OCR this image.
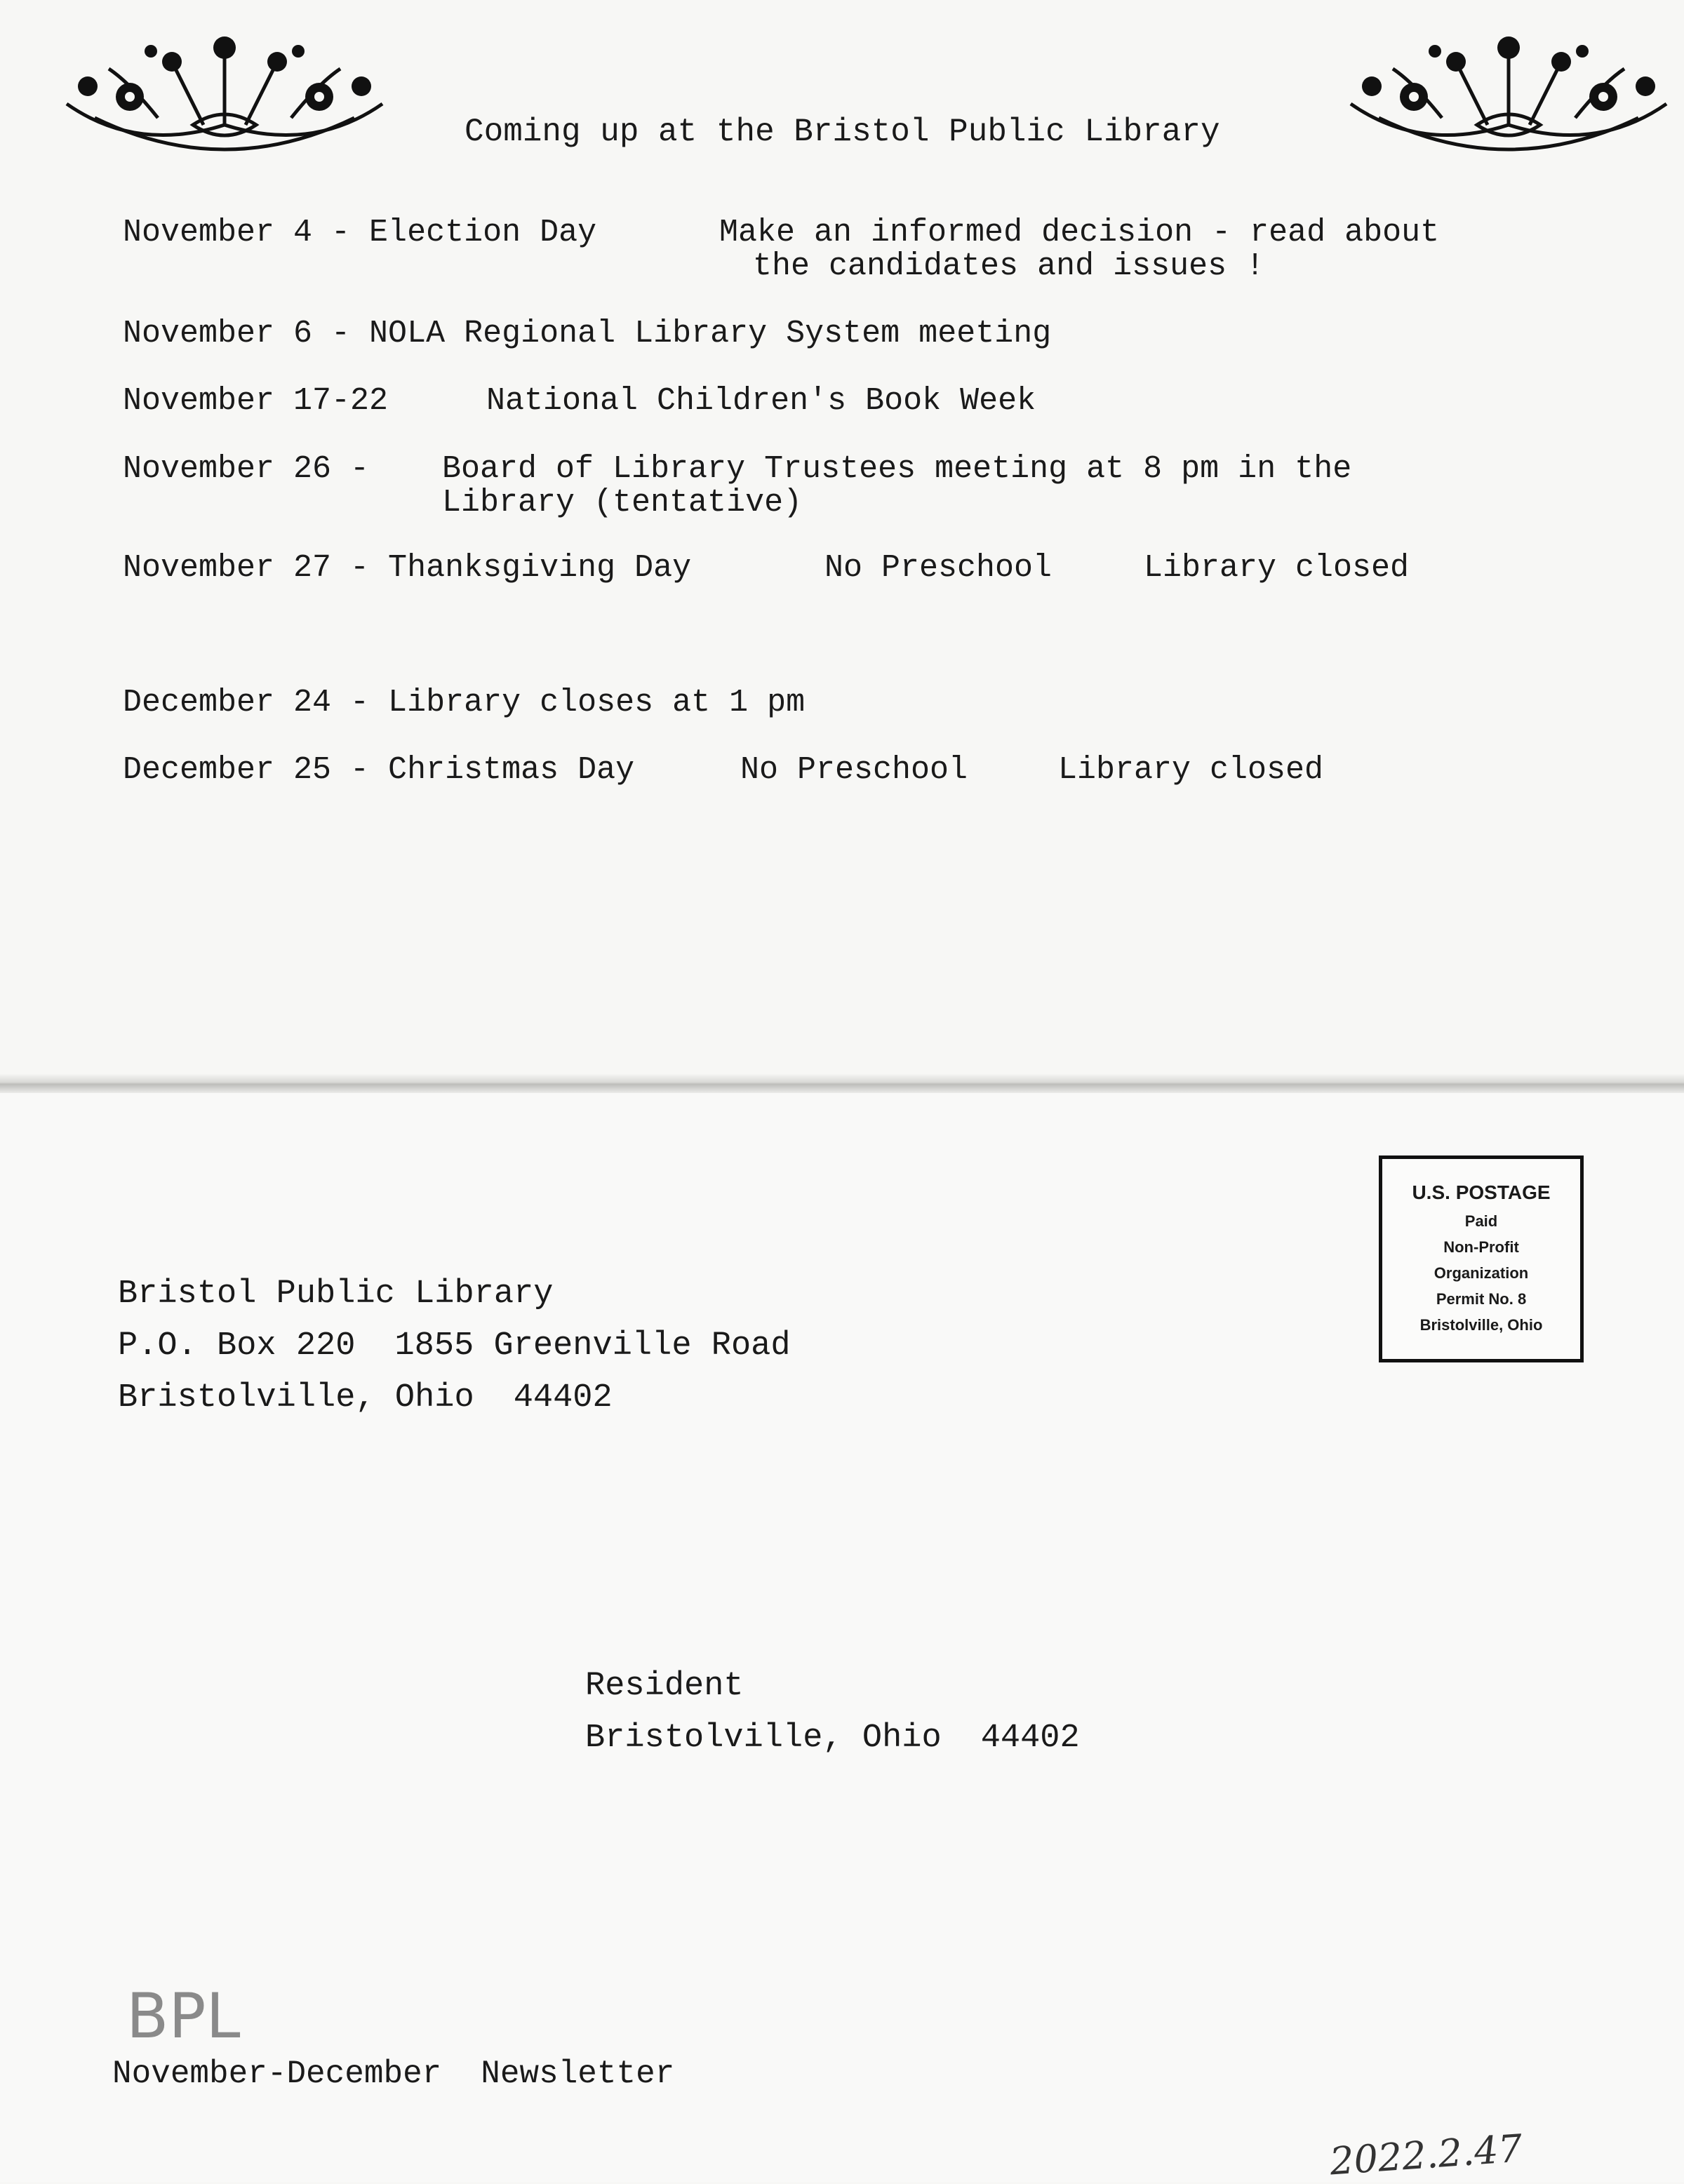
Coming up at the Bristol Public Library
November 4 - Election Day	Make an informed decision - read about
the candidates and issues !
November 6 - NOLA Regional Library System meeting
November 17-22	National Children's Book Week
November 26 - Board of Library Trustees meeting at 8 pm in the
Library (tentative)
November 27 - Thanksgiving Day	No Preschool	Library closed
December 24 - Library closes at 1 pm
December 25 - Christmas Day	No Preschool	Library closed
U.S. POSTAGE
Paid
Non-Profit
Organization
Permit No. 8
Bristolville, Ohio
Bristol Public Library
P.O. Box 220 1855 Greenville Road
Bristolville, Ohio 44402
Resident
Bristolville, Ohio 44402
BPL
November-December Newsletter
2022.2.47
